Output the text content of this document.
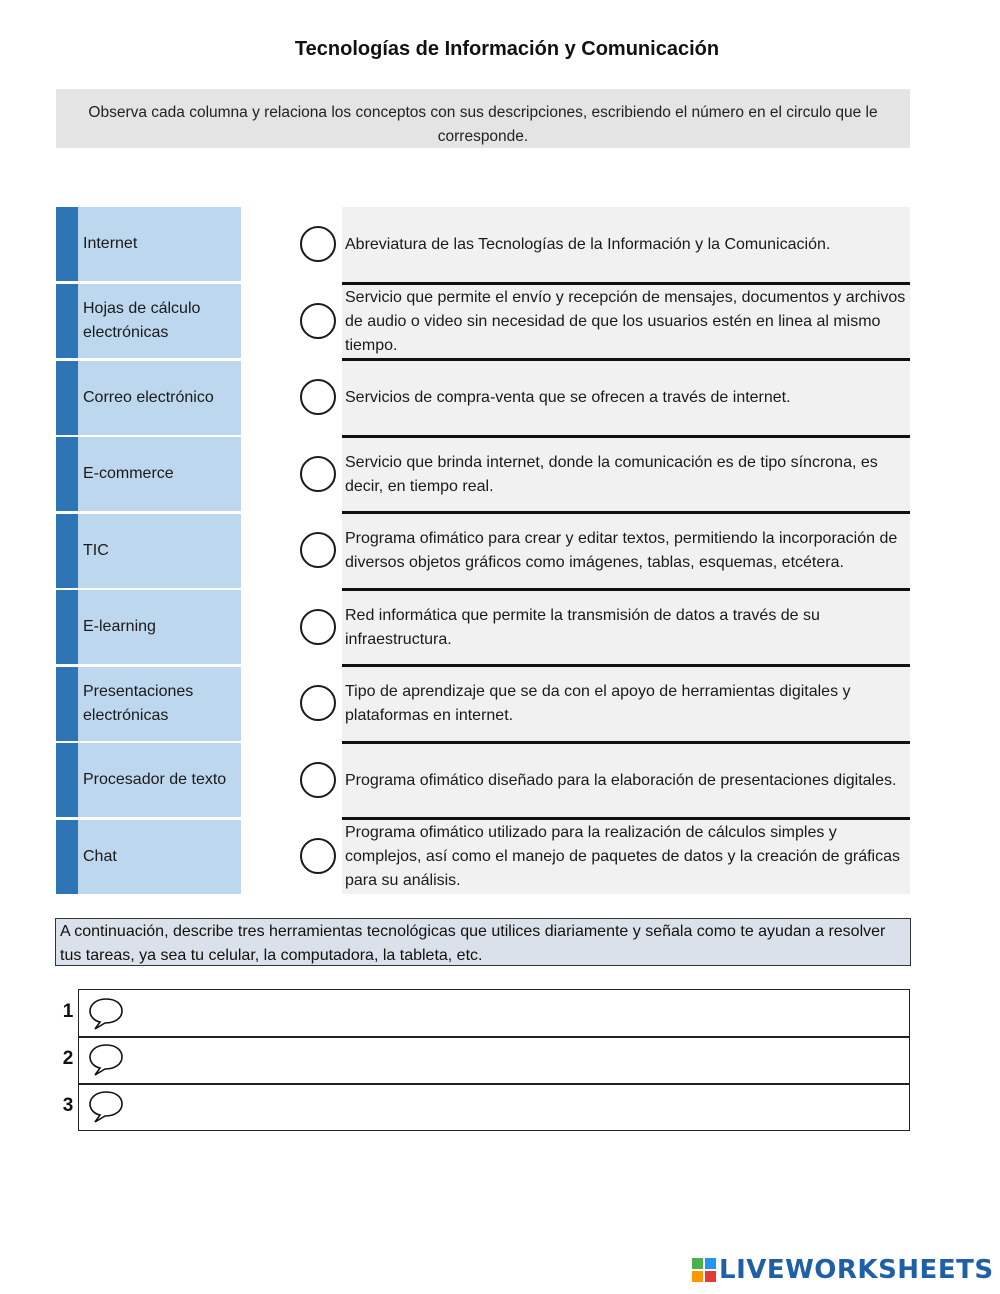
Tecnologías de Información y Comunicación
Observa cada columna y relaciona los conceptos con sus descripciones, escribiendo el número en el circulo que le corresponde.
Internet
Hojas de cálculo electrónicas
Correo electrónico
E-commerce
TIC
E-learning
Presentaciones electrónicas
Procesador de texto
Chat
Abreviatura de las Tecnologías de la Información y la Comunicación.
Servicio que permite el envío y recepción de mensajes, documentos y archivos de audio o video sin necesidad de que los usuarios estén en linea al mismo tiempo.
Servicios de compra-venta que se ofrecen a través de internet.
Servicio que brinda internet, donde la comunicación es de tipo síncrona, es decir, en tiempo real.
Programa ofimático para crear y editar textos, permitiendo la incorporación de diversos objetos gráficos como imágenes, tablas, esquemas, etcétera.
Red informática que permite la transmisión de datos a través de su infraestructura.
Tipo de aprendizaje que se da con el apoyo de herramientas digitales y plataformas en internet.
Programa ofimático diseñado para la elaboración de presentaciones digitales.
Programa ofimático utilizado para la realización de cálculos simples y complejos, así como el manejo de paquetes de datos y la creación de gráficas para su análisis.
A continuación, describe tres herramientas tecnológicas que utilices diariamente y señala como te ayudan a resolver tus tareas, ya sea tu celular, la computadora, la tableta, etc.
1
2
3
LIVEWORKSHEETS
